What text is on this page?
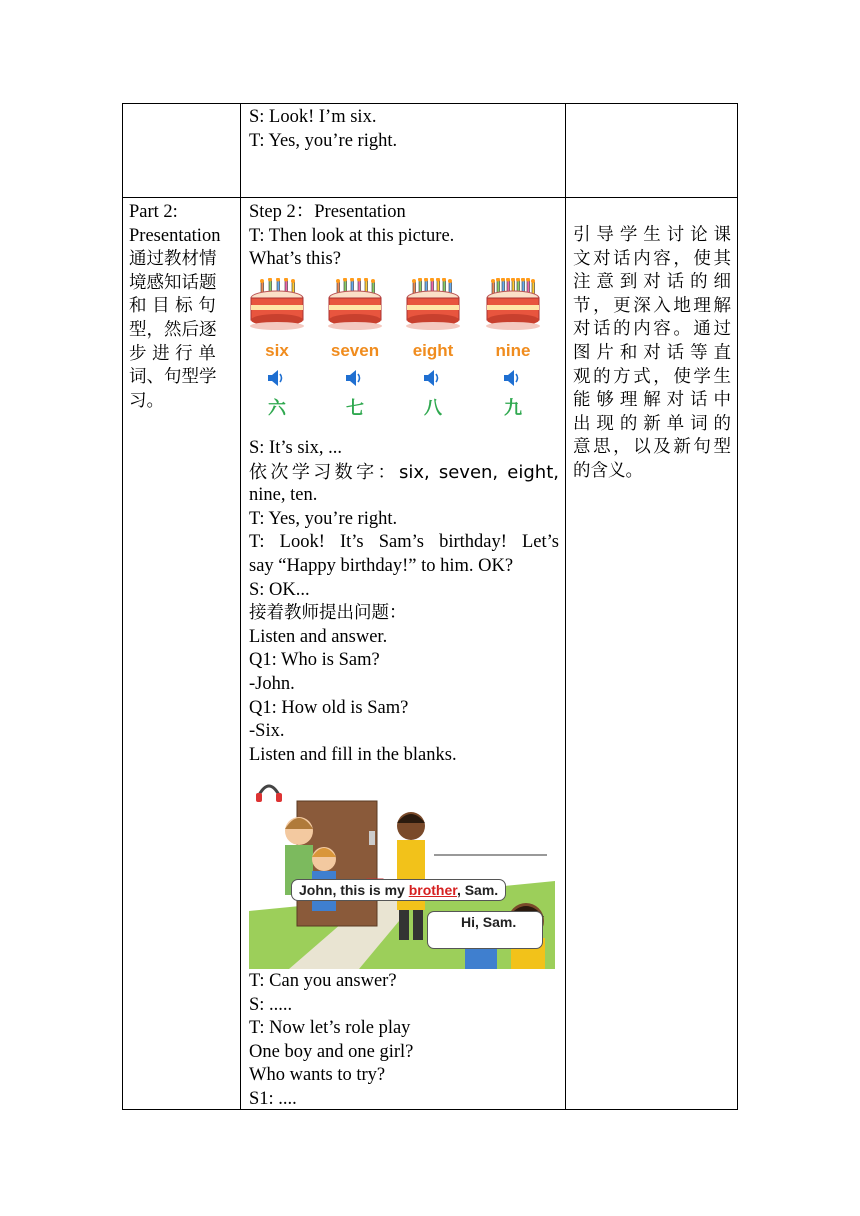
S: Look! I’m six.
T: Yes, you’re right.
Part 2:
Presentation
通过教材情
境感知话题
和 目 标 句
型，然后逐
步 进 行 单
词、句型学
习。
Step 2：Presentation
T: Then look at this picture.
What’s this?
six
六
seven
七
eight
八
nine
九
S: It’s six, ...
依次学习数字：six, seven, eight,
nine, ten.
T: Yes, you’re right.
T: Look! It’s Sam’s birthday! Let’s
say “Happy birthday!” to him. OK?
S: OK...
接着教师提出问题：
Listen and answer.
Q1: Who is Sam?
-John.
Q1: How old is Sam?
-Six.
Listen and fill in the blanks.
John, this is my brother, Sam.
Hi, Sam.
T: Can you answer?
S: .....
T: Now let’s role play
One boy and one girl?
Who wants to try?
S1: ....
引导学生讨论课
文对话内容，使其
注意到对话的细
节，更深入地理解
对话的内容。通过
图片和对话等直
观的方式，使学生
能够理解对话中
出现的新单词的
意思，以及新句型
的含义。
